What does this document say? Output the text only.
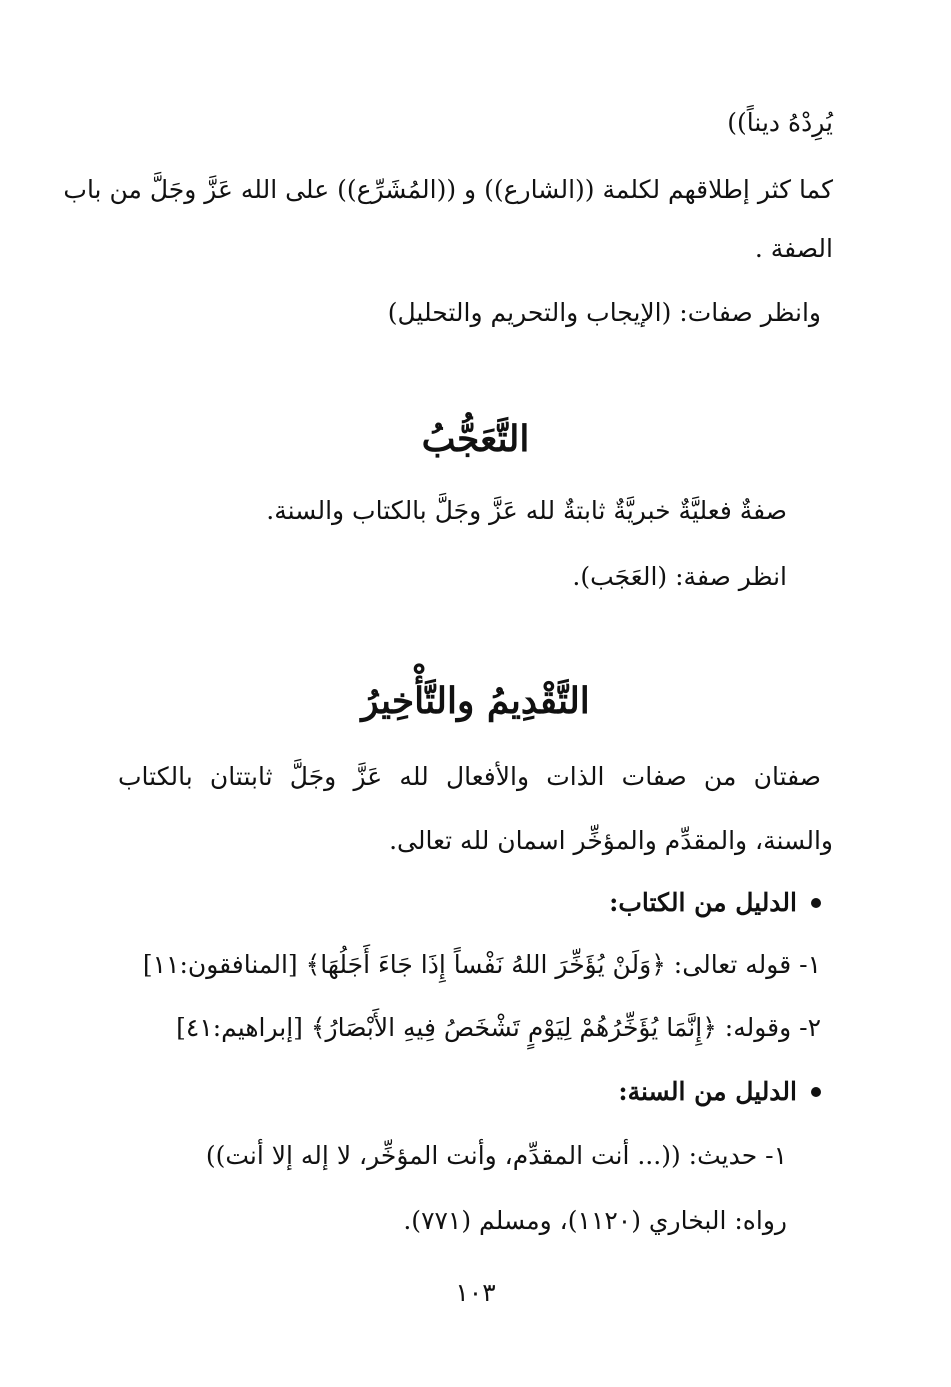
يُرِدْهُ ديناً))
كما كثر إطلاقهم لكلمة ((الشارع)) و ((المُشَرِّع)) على الله عَزَّ وجَلَّ من باب
الصفة .
وانظر صفات: (الإيجاب والتحريم والتحليل)
التَّعَجُّبُ
صفةٌ فعليَّةٌ خبريَّةٌ ثابتةٌ لله عَزَّ وجَلَّ بالكتاب والسنة.
انظر صفة: (العَجَب).
التَّقْدِيمُ والتَّأْخِيرُ
صفتان من صفات الذات والأفعال لله عَزَّ وجَلَّ ثابتتان بالكتاب
والسنة، والمقدِّم والمؤخِّر اسمان لله تعالى.
الدليل من الكتاب:
١- قوله تعالى: ﴿وَلَنْ يُؤَخِّرَ اللهُ نَفْساً إِذَا جَاءَ أَجَلُهَا﴾ [المنافقون:١١]
٢- وقوله: ﴿إِنَّمَا يُؤَخِّرُهُمْ لِيَوْمٍ تَشْخَصُ فِيهِ الأَبْصَارُ﴾ [إبراهيم:٤١]
الدليل من السنة:
١- حديث: ((... أنت المقدِّم، وأنت المؤخِّر، لا إله إلا أنت))
رواه: البخاري (١١٢٠)، ومسلم (٧٧١).
١٠٣
